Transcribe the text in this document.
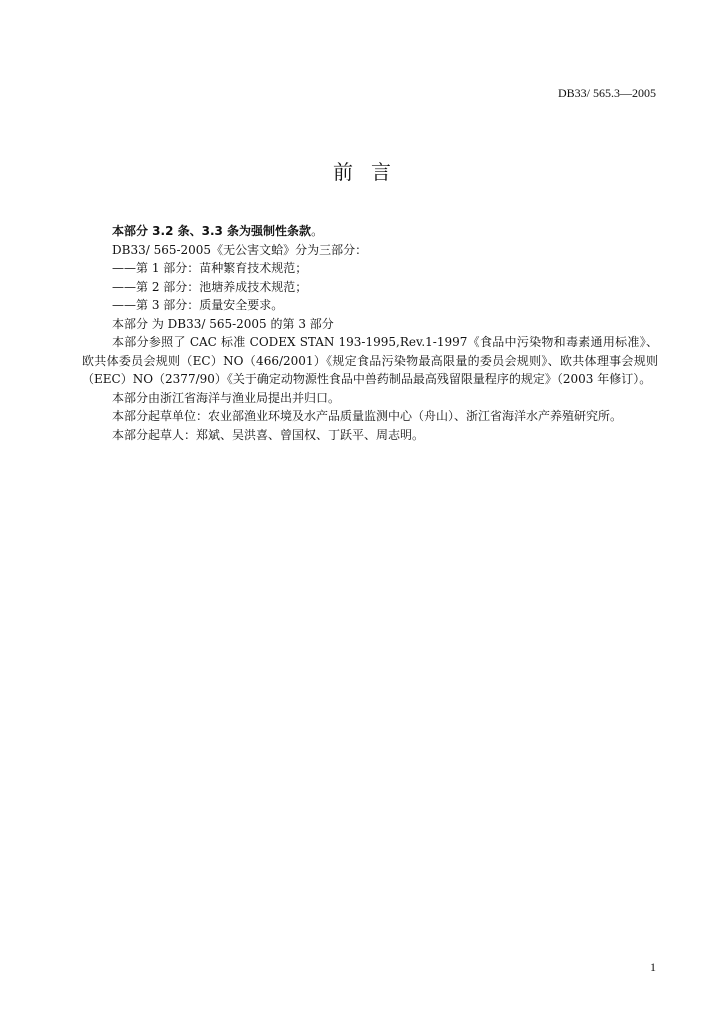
DB33/ 565.3—2005
前言

本部分 3.2 条、3.3 条为强制性条款。

DB33/ 565-2005《无公害文蛤》分为三部分：

——第 1 部分：苗种繁育技术规范；

——第 2 部分：池塘养成技术规范；

——第 3 部分：质量安全要求。

本部分 为 DB33/ 565-2005 的第 3 部分

本部分参照了 CAC 标准 CODEX STAN 193-1995,Rev.1-1997《食品中污染物和毒素通用标准》、欧共体委员会规则（EC）NO（466/2001）《规定食品污染物最高限量的委员会规则》、欧共体理事会规则（EEC）NO（2377/90）《关于确定动物源性食品中兽药制品最高残留限量程序的规定》（2003 年修订）。

本部分由浙江省海洋与渔业局提出并归口。

本部分起草单位：农业部渔业环境及水产品质量监测中心（舟山）、浙江省海洋水产养殖研究所。

本部分起草人：郑斌、吴洪喜、曾国权、丁跃平、周志明。

1
